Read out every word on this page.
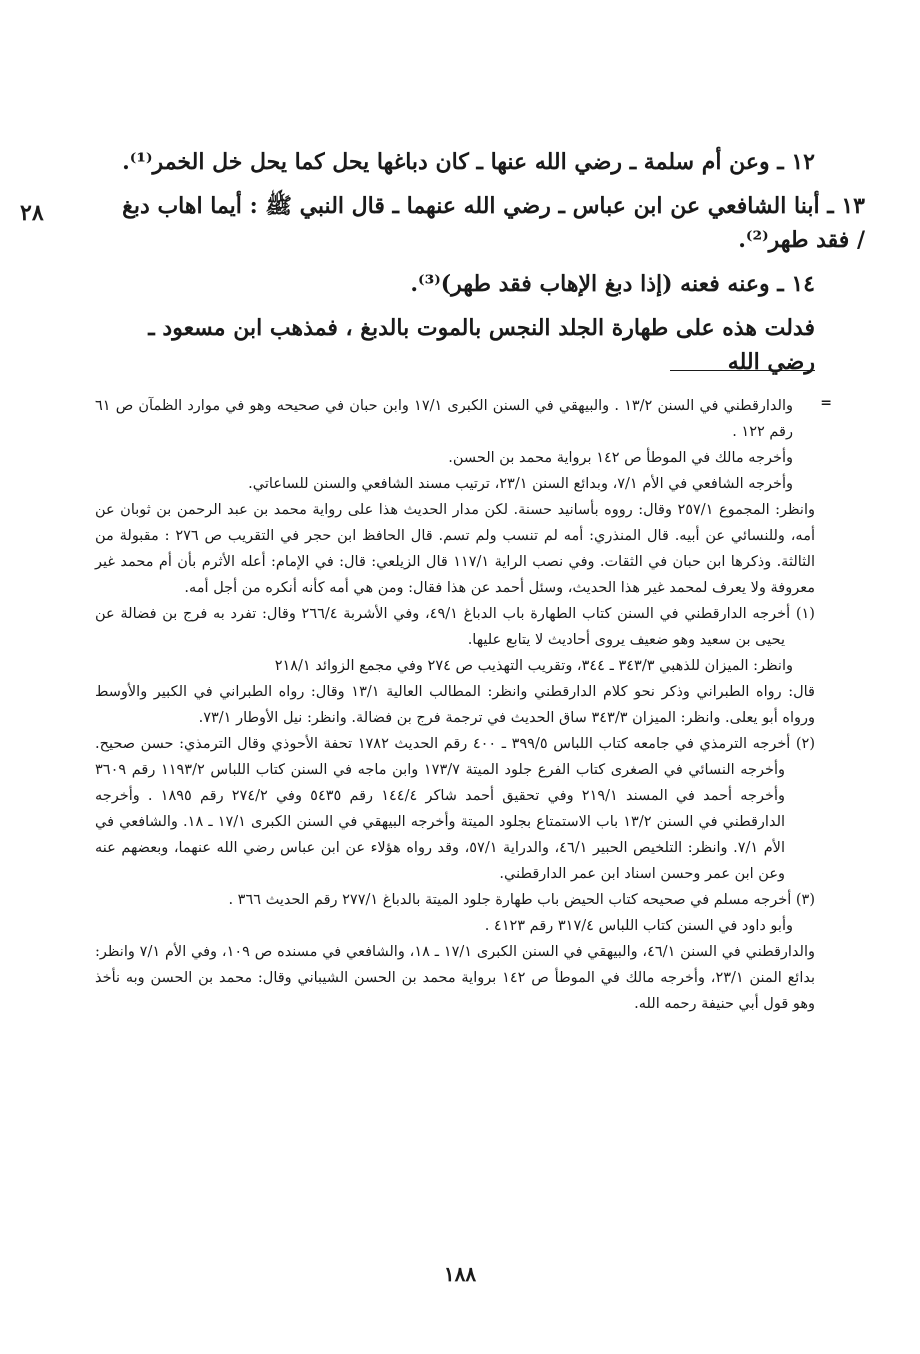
٢٨

١٢ ـ وعن أم سلمة ـ رضي الله عنها ـ كان دباغها يحل كما يحل خل الخمر⁽¹⁾.

١٣ ـ أبنا الشافعي عن ابن عباس ـ رضي الله عنهما ـ قال النبي ﷺ : أيما اهاب دبغ / فقد طهر⁽²⁾.

١٤ ـ وعنه فعنه (إذا دبغ الإهاب فقد طهر)⁽³⁾.

فدلت هذه على طهارة الجلد النجس بالموت بالدبغ ، فمذهب ابن مسعود ـ رضي الله

=

والدارقطني في السنن ١٣/٢ . والبيهقي في السنن الكبرى ١٧/١ وابن حبان في صحيحه وهو في موارد الظمآن ص ٦١ رقم ١٢٢ .

وأخرجه مالك في الموطأ ص ١٤٢ برواية محمد بن الحسن.

وأخرجه الشافعي في الأم ٧/١، وبدائع السنن ٢٣/١، ترتيب مسند الشافعي والسنن للساعاتي.

وانظر: المجموع ٢٥٧/١ وقال: رووه بأسانيد حسنة. لكن مدار الحديث هذا على رواية محمد بن عبد الرحمن بن ثوبان عن أمه، وللنسائي عن أبيه. قال المنذري: أمه لم تنسب ولم تسم. قال الحافظ ابن حجر في التقريب ص ٢٧٦ : مقبولة من الثالثة. وذكرها ابن حبان في الثقات. وفي نصب الراية ١١٧/١ قال الزيلعي: قال: في الإمام: أعله الأثرم بأن أم محمد غير معروفة ولا يعرف لمحمد غير هذا الحديث، وسئل أحمد عن هذا فقال: ومن هي أمه كأنه أنكره من أجل أمه.

(١) أخرجه الدارقطني في السنن كتاب الطهارة باب الدباغ ٤٩/١، وفي الأشربة ٢٦٦/٤ وقال: تفرد به فرج بن فضالة عن يحيى بن سعيد وهو ضعيف يروى أحاديث لا يتابع عليها.

وانظر: الميزان للذهبي ٣٤٣/٣ ـ ٣٤٤، وتقريب التهذيب ص ٢٧٤ وفي مجمع الزوائد ٢١٨/١

قال: رواه الطبراني وذكر نحو كلام الدارقطني وانظر: المطالب العالية ١٣/١ وقال: رواه الطبراني في الكبير والأوسط ورواه أبو يعلى. وانظر: الميزان ٣٤٣/٣ ساق الحديث في ترجمة فرج بن فضالة. وانظر: نيل الأوطار ٧٣/١.

(٢) أخرجه الترمذي في جامعه كتاب اللباس ٣٩٩/٥ ـ ٤٠٠ رقم الحديث ١٧٨٢ تحفة الأحوذي وقال الترمذي: حسن صحيح. وأخرجه النسائي في الصغرى كتاب الفرع جلود الميتة ١٧٣/٧ وابن ماجه في السنن كتاب اللباس ١١٩٣/٢ رقم ٣٦٠٩ وأخرجه أحمد في المسند ٢١٩/١ وفي تحقيق أحمد شاكر ١٤٤/٤ رقم ٥٤٣٥ وفي ٢٧٤/٢ رقم ١٨٩٥ . وأخرجه الدارقطني في السنن ١٣/٢ باب الاستمتاع بجلود الميتة وأخرجه البيهقي في السنن الكبرى ١٧/١ ـ ١٨. والشافعي في الأم ٧/١. وانظر: التلخيص الحبير ٤٦/١، والدراية ٥٧/١، وقد رواه هؤلاء عن ابن عباس رضي الله عنهما، وبعضهم عنه وعن ابن عمر وحسن اسناد ابن عمر الدارقطني.

(٣) أخرجه مسلم في صحيحه كتاب الحيض باب طهارة جلود الميتة بالدباغ ٢٧٧/١ رقم الحديث ٣٦٦ .

وأبو داود في السنن كتاب اللباس ٣١٧/٤ رقم ٤١٢٣ .

والدارقطني في السنن ٤٦/١، والبيهقي في السنن الكبرى ١٧/١ ـ ١٨، والشافعي في مسنده ص ١٠٩، وفي الأم ٧/١ وانظر: بدائع المنن ٢٣/١، وأخرجه مالك في الموطأ ص ١٤٢ برواية محمد بن الحسن الشيباني وقال: محمد بن الحسن وبه نأخذ وهو قول أبي حنيفة رحمه الله.

١٨٨
